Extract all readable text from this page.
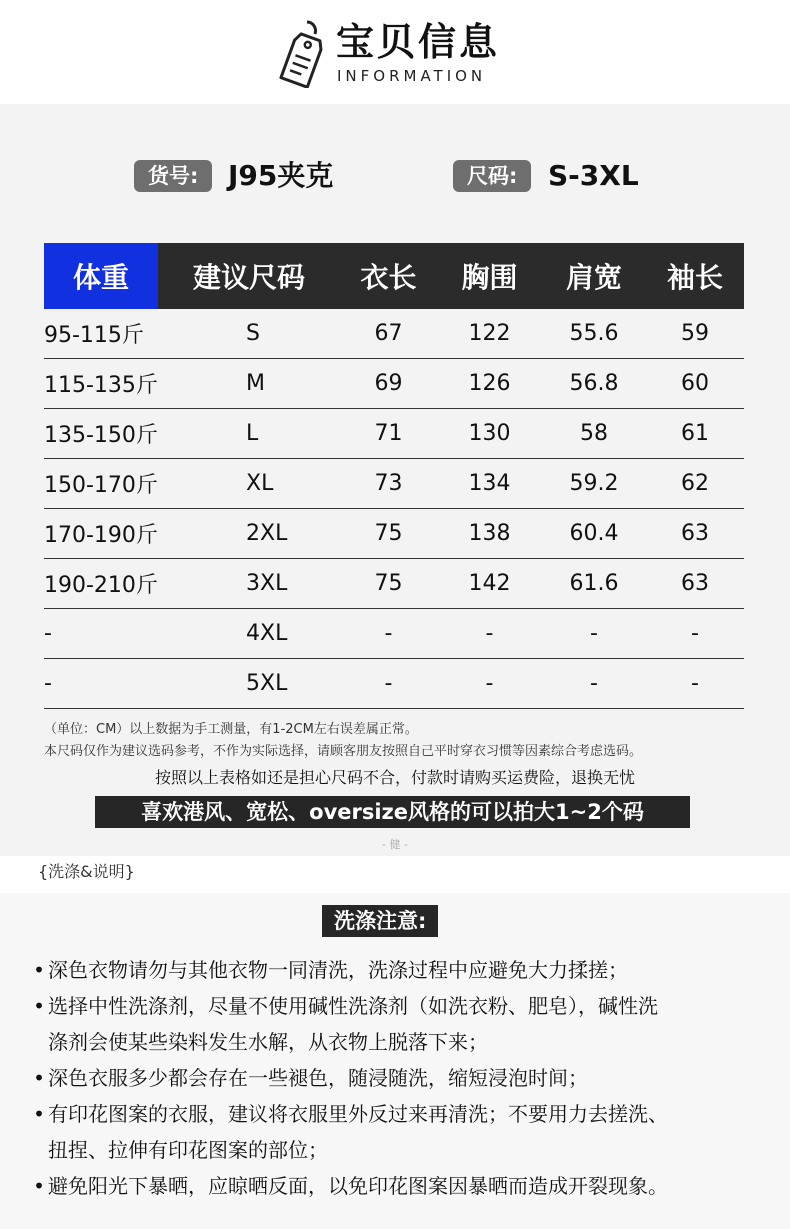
宝贝信息
INFORMATION
货号:	J95夹克	尺码:	S-3XL
体重	建议尺码	衣长	胸围	肩宽	袖长
95-115斤	S	67	122	55.6	59
115-135斤	M	69	126	56.8	60
135-150斤	L	71	130	58	61
150-170斤	XL	73	134	59.2	62
170-190斤	2XL	75	138	60.4	63
190-210斤	3XL	75	142	61.6	63
-	4XL	-	-	-	-
-	5XL	-	-	-	-
（单位：CM）以上数据为手工测量，有1-2CM左右误差属正常。
本尺码仅作为建议选码参考，不作为实际选择，请顾客朋友按照自己平时穿衣习惯等因素综合考虑选码。
按照以上表格如还是担心尺码不合，付款时请购买运费险，退换无忧
喜欢港风、宽松、oversize风格的可以拍大1~2个码
- 健 -
{洗涤&说明}
洗涤注意:
• 深色衣物请勿与其他衣物一同清洗，洗涤过程中应避免大力揉搓；
• 选择中性洗涤剂，尽量不使用碱性洗涤剂（如洗衣粉、肥皂），碱性洗
涤剂会使某些染料发生水解，从衣物上脱落下来；
• 深色衣服多少都会存在一些褪色，随浸随洗，缩短浸泡时间；
• 有印花图案的衣服，建议将衣服里外反过来再清洗；不要用力去搓洗、
扭捏、拉伸有印花图案的部位；
• 避免阳光下暴晒，应晾晒反面，以免印花图案因暴晒而造成开裂现象。
